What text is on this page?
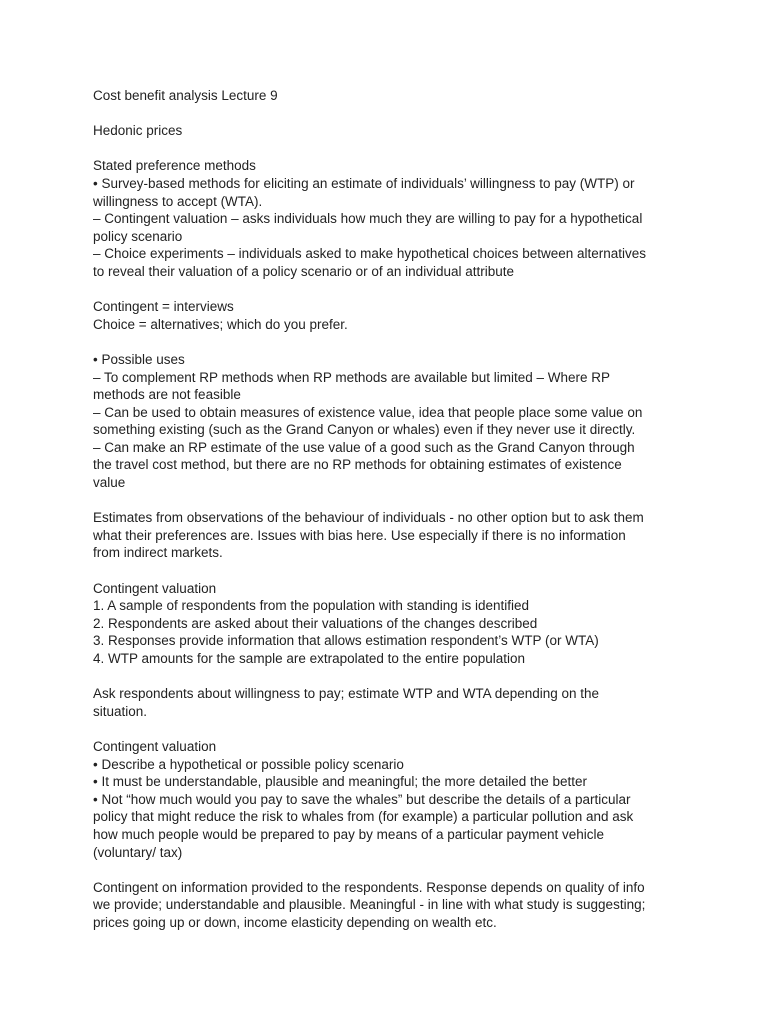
Cost benefit analysis Lecture 9
Hedonic prices
Stated preference methods
• Survey-based methods for eliciting an estimate of individuals’ willingness to pay (WTP) or
willingness to accept (WTA).
– Contingent valuation – asks individuals how much they are willing to pay for a hypothetical
policy scenario
– Choice experiments – individuals asked to make hypothetical choices between alternatives
to reveal their valuation of a policy scenario or of an individual attribute
Contingent = interviews
Choice = alternatives; which do you prefer.
• Possible uses
– To complement RP methods when RP methods are available but limited – Where RP
methods are not feasible
– Can be used to obtain measures of existence value, idea that people place some value on
something existing (such as the Grand Canyon or whales) even if they never use it directly.
– Can make an RP estimate of the use value of a good such as the Grand Canyon through
the travel cost method, but there are no RP methods for obtaining estimates of existence
value
Estimates from observations of the behaviour of individuals - no other option but to ask them
what their preferences are. Issues with bias here. Use especially if there is no information
from indirect markets.
Contingent valuation
1. A sample of respondents from the population with standing is identified
2. Respondents are asked about their valuations of the changes described
3. Responses provide information that allows estimation respondent’s WTP (or WTA)
4. WTP amounts for the sample are extrapolated to the entire population
Ask respondents about willingness to pay; estimate WTP and WTA depending on the
situation.
Contingent valuation
• Describe a hypothetical or possible policy scenario
• It must be understandable, plausible and meaningful; the more detailed the better
• Not “how much would you pay to save the whales” but describe the details of a particular
policy that might reduce the risk to whales from (for example) a particular pollution and ask
how much people would be prepared to pay by means of a particular payment vehicle
(voluntary/ tax)
Contingent on information provided to the respondents. Response depends on quality of info
we provide; understandable and plausible. Meaningful - in line with what study is suggesting;
prices going up or down, income elasticity depending on wealth etc.
